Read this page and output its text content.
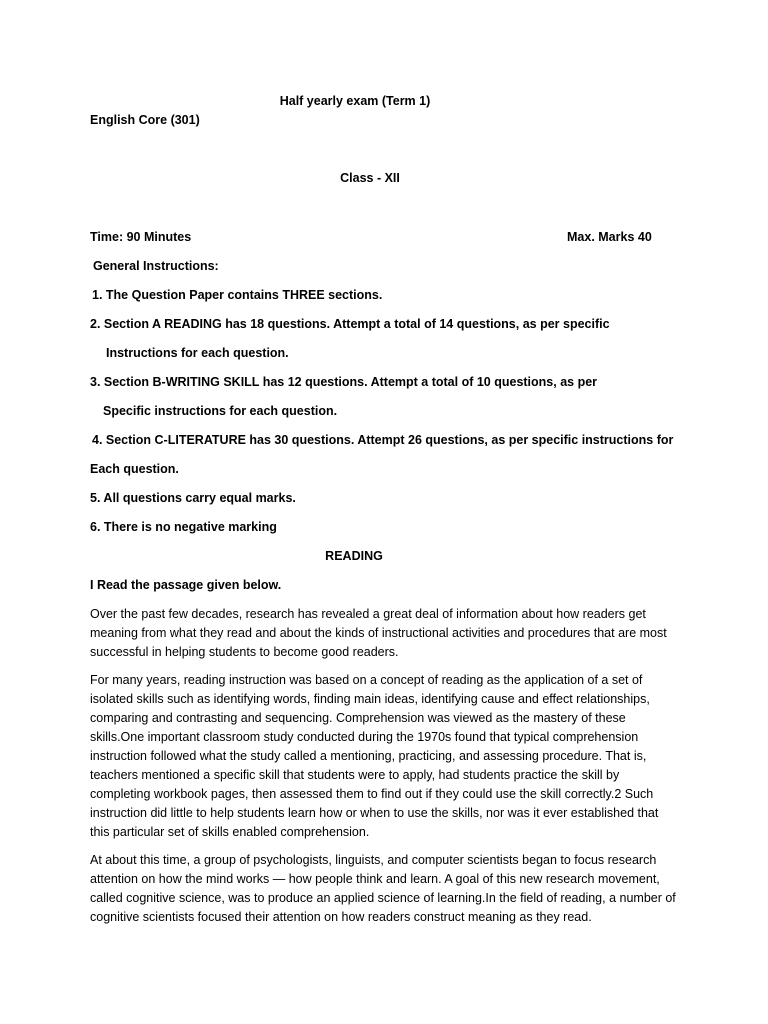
Half yearly exam (Term 1)
English Core (301)
Class - XII
Time: 90 Minutes	Max. Marks 40
General Instructions:
1. The Question Paper contains THREE sections.
2. Section A READING has 18 questions. Attempt a total of 14 questions, as per specific
Instructions for each question.
3. Section B-WRITING SKILL has 12 questions. Attempt a total of 10 questions, as per
Specific instructions for each question.
4. Section C-LITERATURE has 30 questions. Attempt 26 questions, as per specific instructions for
Each question.
5. All questions carry equal marks.
6. There is no negative marking
READING
I Read the passage given below.
Over the past few decades, research has revealed a great deal of information about how readers get meaning from what they read and about the kinds of instructional activities and procedures that are most successful in helping students to become good readers.
For many years, reading instruction was based on a concept of reading as the application of a set of isolated skills such as identifying words, finding main ideas, identifying cause and effect relationships, comparing and contrasting and sequencing. Comprehension was viewed as the mastery of these skills.One important classroom study conducted during the 1970s found that typical comprehension instruction followed what the study called a mentioning, practicing, and assessing procedure. That is, teachers mentioned a specific skill that students were to apply, had students practice the skill by completing workbook pages, then assessed them to find out if they could use the skill correctly.2 Such instruction did little to help students learn how or when to use the skills, nor was it ever established that this particular set of skills enabled comprehension.
At about this time, a group of psychologists, linguists, and computer scientists began to focus research attention on how the mind works — how people think and learn. A goal of this new research movement, called cognitive science, was to produce an applied science of learning.In the field of reading, a number of cognitive scientists focused their attention on how readers construct meaning as they read.
